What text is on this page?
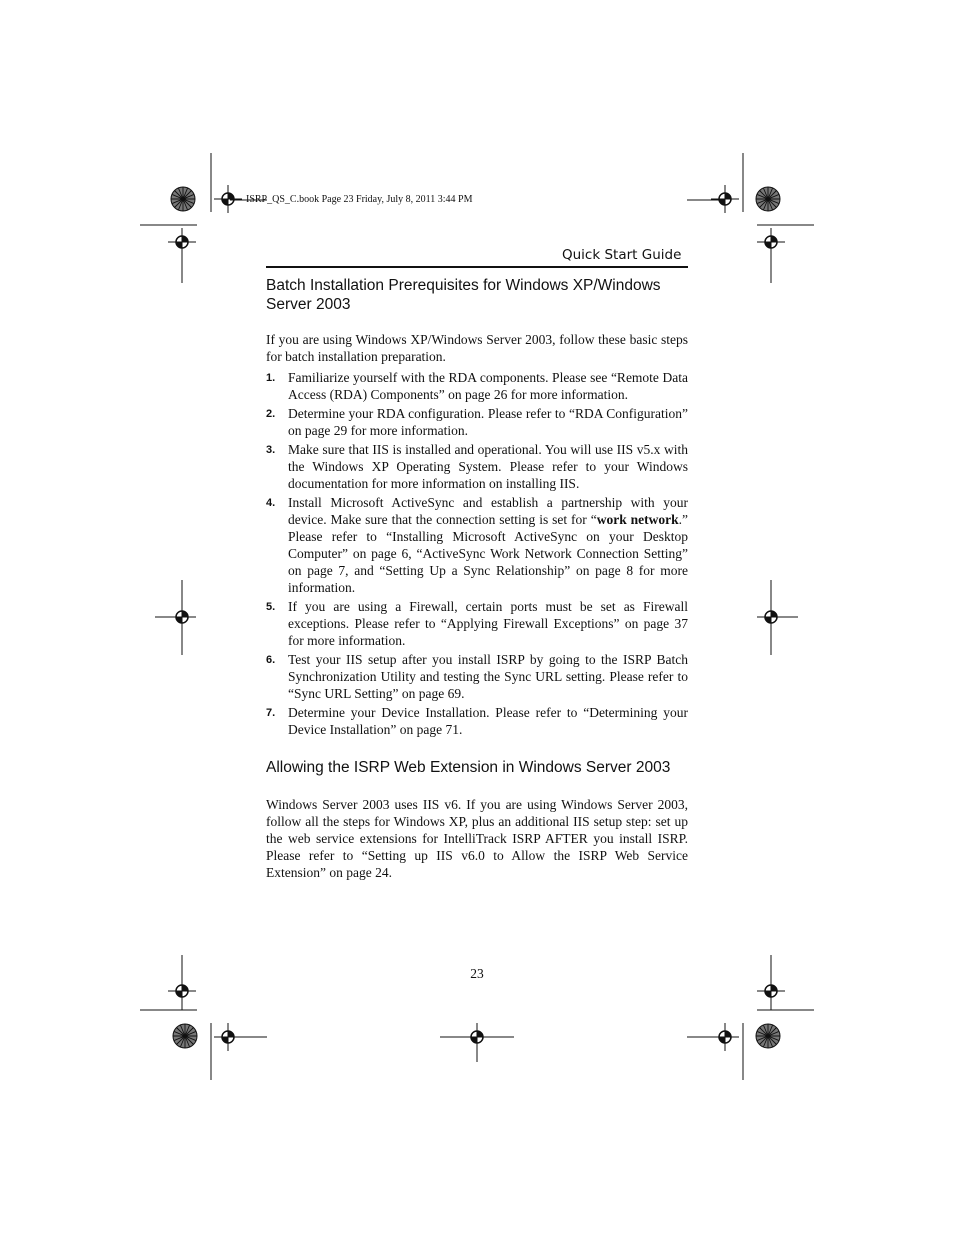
ISRP_QS_C.book Page 23 Friday, July 8, 2011 3:44 PM
Quick Start Guide
Batch Installation Prerequisites for Windows XP/Windows
Server 2003
If you are using Windows XP/Windows Server 2003, follow these basic steps for batch installation preparation.
1. Familiarize yourself with the RDA components. Please see “Remote Data Access (RDA) Components” on page 26 for more information.
2. Determine your RDA configuration. Please refer to “RDA Configuration” on page 29 for more information.
3. Make sure that IIS is installed and operational. You will use IIS v5.x with the Windows XP Operating System. Please refer to your Windows documentation for more information on installing IIS.
4. Install Microsoft ActiveSync and establish a partnership with your device. Make sure that the connection setting is set for “work network.” Please refer to “Installing Microsoft ActiveSync on your Desktop Computer” on page 6, “ActiveSync Work Network Connection Setting” on page 7, and “Setting Up a Sync Relationship” on page 8 for more information.
5. If you are using a Firewall, certain ports must be set as Firewall exceptions. Please refer to “Applying Firewall Exceptions” on page 37 for more information.
6. Test your IIS setup after you install ISRP by going to the ISRP Batch Synchronization Utility and testing the Sync URL setting. Please refer to “Sync URL Setting” on page 69.
7. Determine your Device Installation. Please refer to “Determining your Device Installation” on page 71.
Allowing the ISRP Web Extension in Windows Server 2003
Windows Server 2003 uses IIS v6. If you are using Windows Server 2003, follow all the steps for Windows XP, plus an additional IIS setup step: set up the web service extensions for IntelliTrack ISRP AFTER you install ISRP. Please refer to “Setting up IIS v6.0 to Allow the ISRP Web Service Extension” on page 24.
23
